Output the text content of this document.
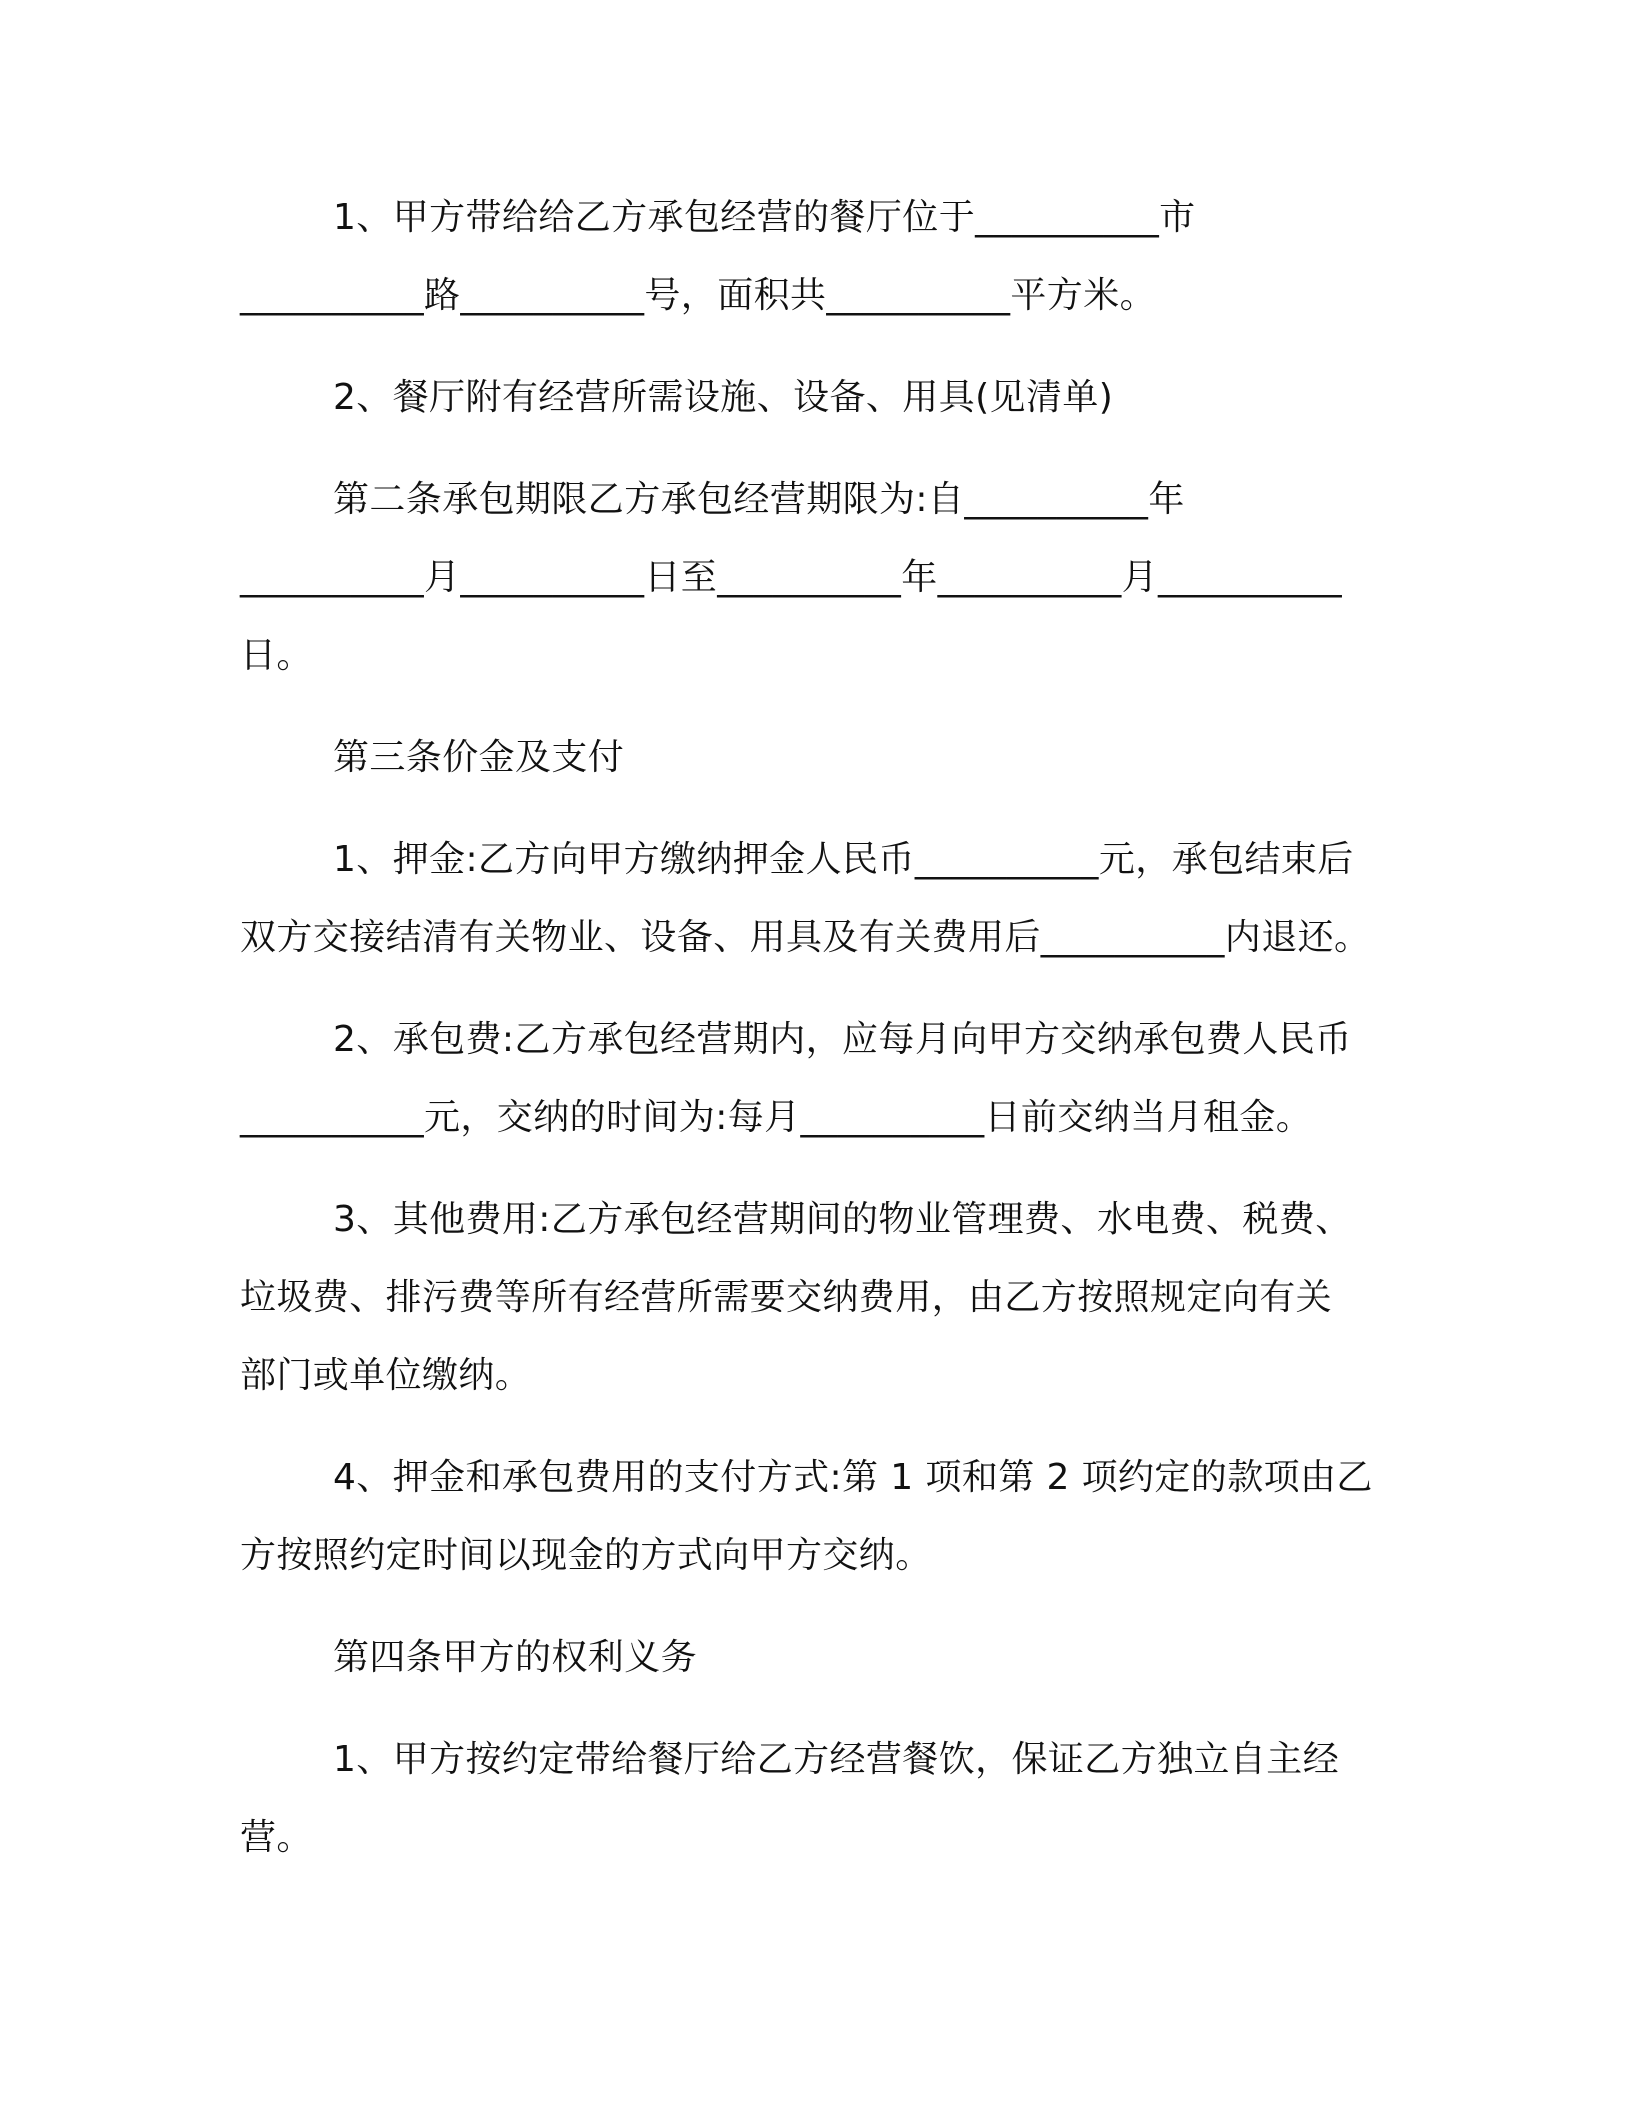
1、甲方带给给乙方承包经营的餐厅位于__________市
__________路__________号，面积共__________平方米。
2、餐厅附有经营所需设施、设备、用具(见清单)
第二条承包期限乙方承包经营期限为:自__________年
__________月__________日至__________年__________月__________
日。
第三条价金及支付
1、押金:乙方向甲方缴纳押金人民币__________元，承包结束后
双方交接结清有关物业、设备、用具及有关费用后__________内退还。
2、承包费:乙方承包经营期内，应每月向甲方交纳承包费人民币
__________元，交纳的时间为:每月__________日前交纳当月租金。
3、其他费用:乙方承包经营期间的物业管理费、水电费、税费、
垃圾费、排污费等所有经营所需要交纳费用，由乙方按照规定向有关
部门或单位缴纳。
4、押金和承包费用的支付方式:第 1 项和第 2 项约定的款项由乙
方按照约定时间以现金的方式向甲方交纳。
第四条甲方的权利义务
1、甲方按约定带给餐厅给乙方经营餐饮，保证乙方独立自主经
营。
